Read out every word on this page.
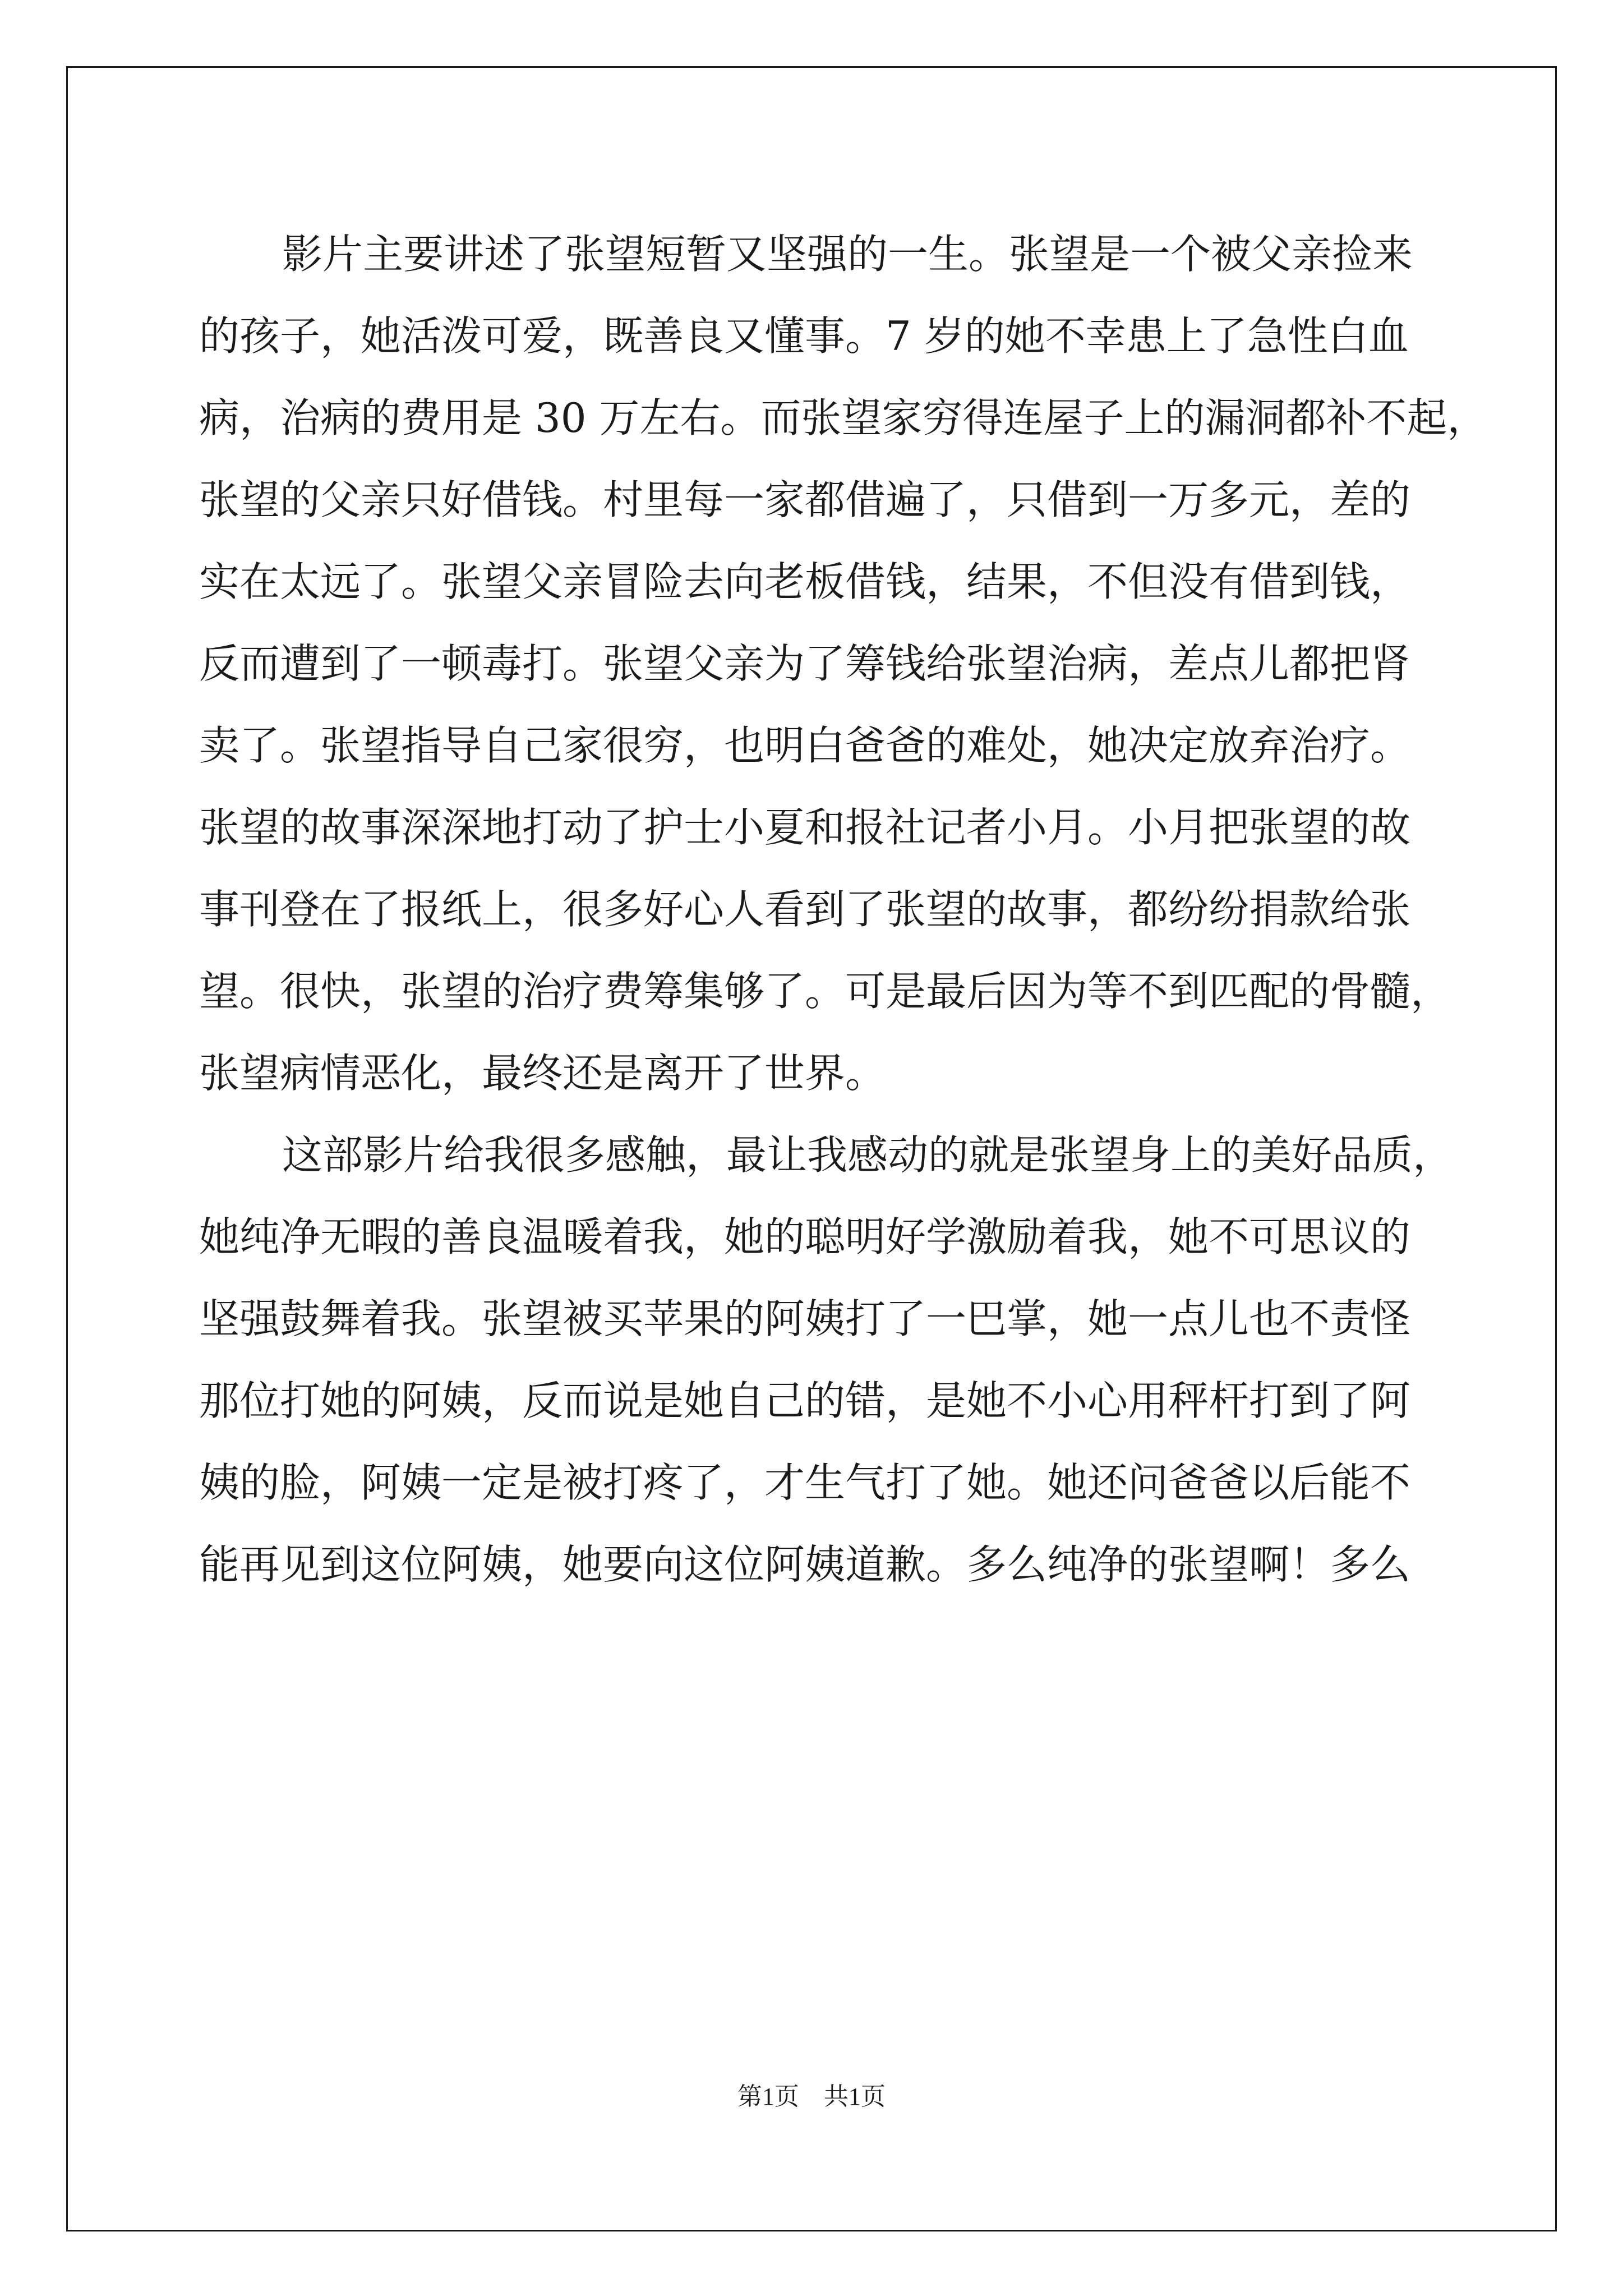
影片主要讲述了张望短暂又坚强的一生。张望是一个被父亲捡来
的孩子，她活泼可爱，既善良又懂事。7 岁的她不幸患上了急性白血
病，治病的费用是 30 万左右。而张望家穷得连屋子上的漏洞都补不起，
张望的父亲只好借钱。村里每一家都借遍了，只借到一万多元，差的
实在太远了。张望父亲冒险去向老板借钱，结果，不但没有借到钱，
反而遭到了一顿毒打。张望父亲为了筹钱给张望治病，差点儿都把肾
卖了。张望指导自己家很穷，也明白爸爸的难处，她决定放弃治疗。
张望的故事深深地打动了护士小夏和报社记者小月。小月把张望的故
事刊登在了报纸上，很多好心人看到了张望的故事，都纷纷捐款给张
望。很快，张望的治疗费筹集够了。可是最后因为等不到匹配的骨髓，
张望病情恶化，最终还是离开了世界。
这部影片给我很多感触，最让我感动的就是张望身上的美好品质，
她纯净无暇的善良温暖着我，她的聪明好学激励着我，她不可思议的
坚强鼓舞着我。张望被买苹果的阿姨打了一巴掌，她一点儿也不责怪
那位打她的阿姨，反而说是她自己的错，是她不小心用秤杆打到了阿
姨的脸，阿姨一定是被打疼了，才生气打了她。她还问爸爸以后能不
能再见到这位阿姨，她要向这位阿姨道歉。多么纯净的张望啊！多么
第1页    共1页
